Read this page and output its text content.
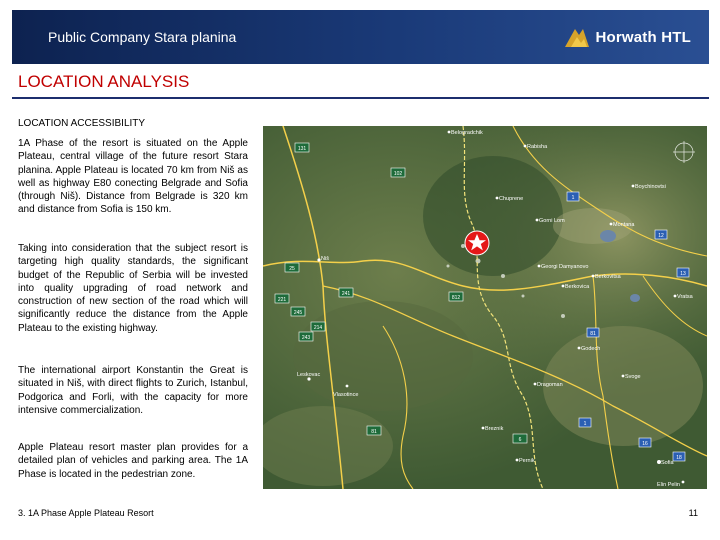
Public Company Stara planina	Horwath HTL
LOCATION ANALYSIS
LOCATION ACCESSIBILITY
1A Phase of the resort is situated on the Apple Plateau, central village of the future resort Stara planina. Apple Plateau is located 70 km from Niš as well as highway E80 conecting Belgrade and Sofia (through Niš). Distance from Belgrade is 320 km and distance from Sofia is 150 km.
Taking into consideration that the subject resort is targeting high quality standards, the significant budget of the Republic of Serbia will be invested into quality upgrading of road network and construction of new section of the road which will significantly reduce the distance from the Apple Plateau to the existing highway.
The international airport Konstantin the Great is situated in Niš, with direct flights to Zurich, Istanbul, Podgorica and Forli, with the capacity for more intensive commercialization.
Apple Plateau resort master plan provides for a detailed plan of vehicles and parking area. The 1A Phase is located in the pedestrian zone.
131
102
25
241
221
245
214
243
812
81
6
1
12
81
13
1
16
18
Niš
Leskovac
Belogradchik
Rabisha
Chuprene
Gorni Lom
Montana
Boychinovtsi
Berkovitsa
Georgi Damyanovo
Berkovica
Vratsa
Godech
Svoge
Dragoman
Breznik
Pernik	Sofia
Elin Pelin
Vlasotince
3. 1A Phase Apple Plateau Resort	11
